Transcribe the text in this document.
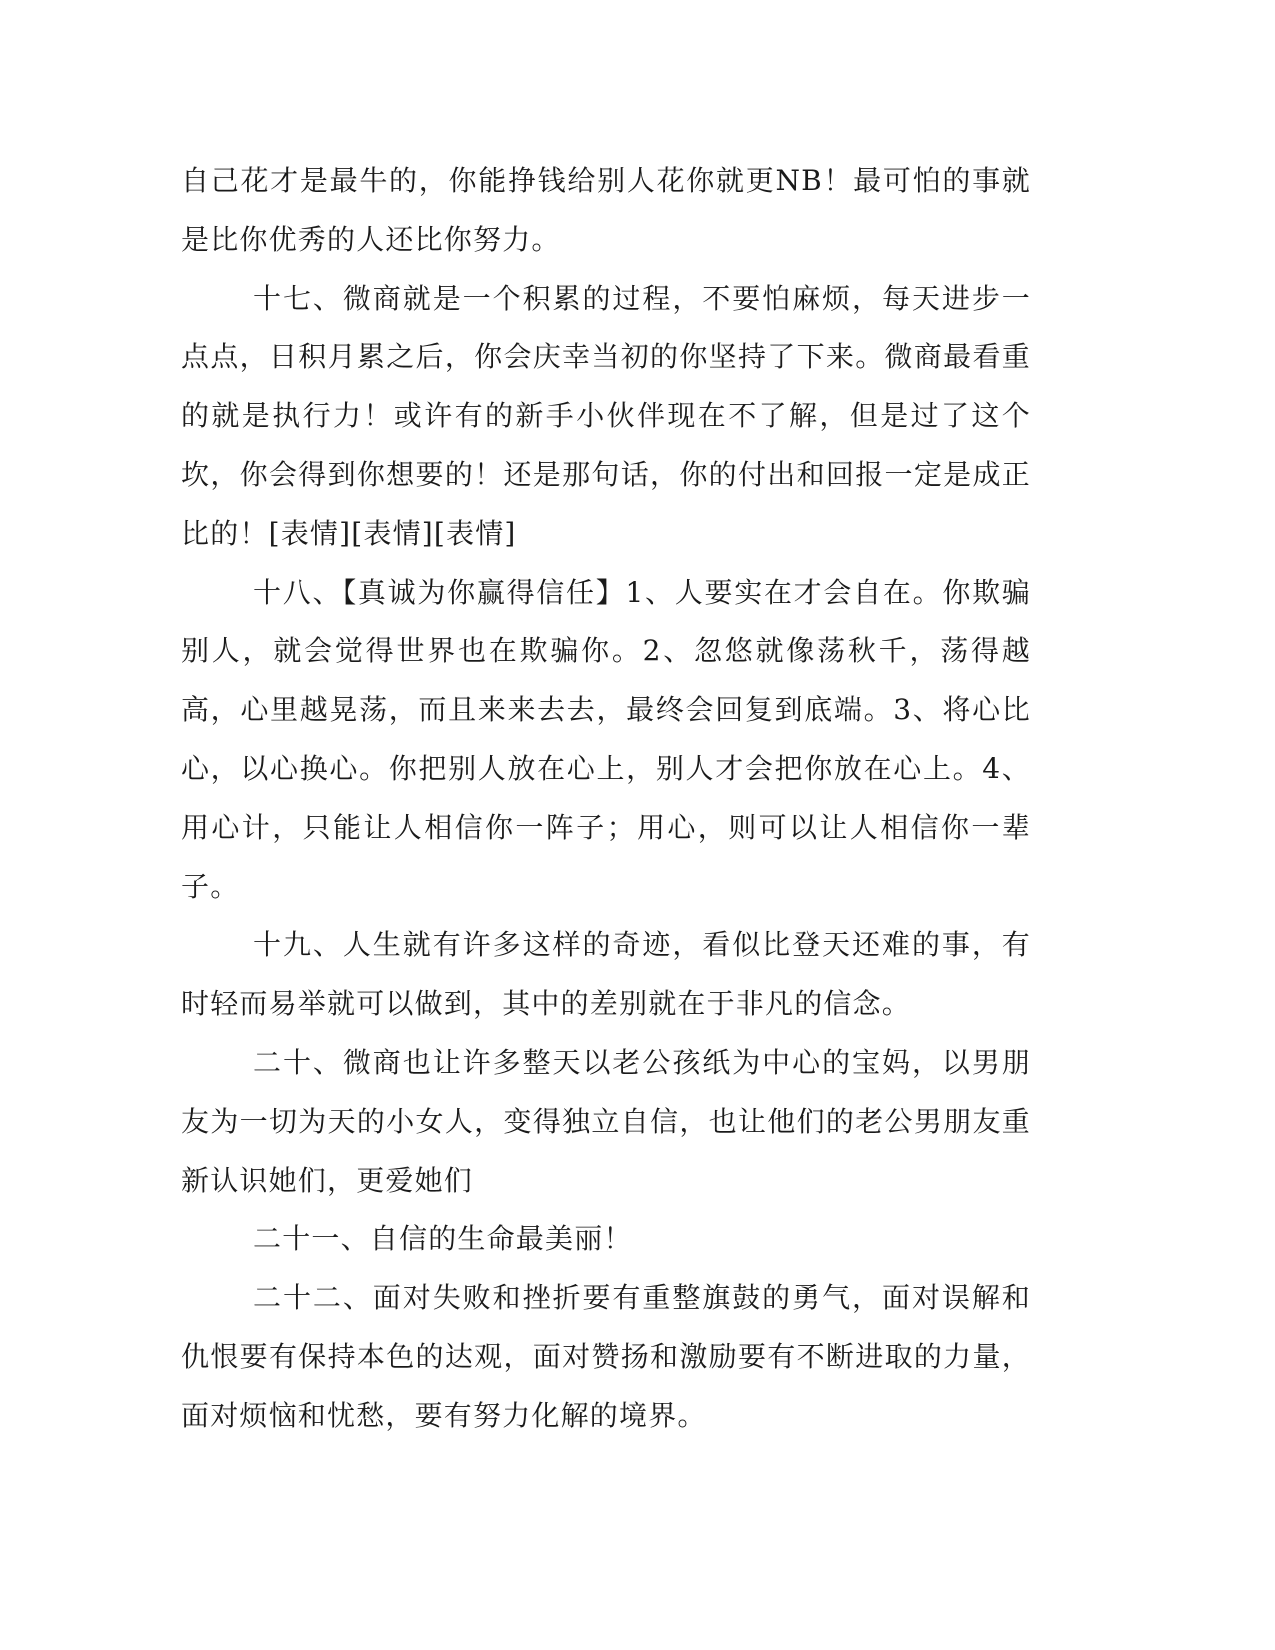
自己花才是最牛的，你能挣钱给别人花你就更NB！最可怕的事就是比你优秀的人还比你努力。

十七、微商就是一个积累的过程，不要怕麻烦，每天进步一点点，日积月累之后，你会庆幸当初的你坚持了下来。微商最看重的就是执行力！或许有的新手小伙伴现在不了解，但是过了这个坎，你会得到你想要的！还是那句话，你的付出和回报一定是成正比的！[表情][表情][表情]

十八、【真诚为你赢得信任】1、人要实在才会自在。你欺骗别人，就会觉得世界也在欺骗你。2、忽悠就像荡秋千，荡得越高，心里越晃荡，而且来来去去，最终会回复到底端。3、将心比心，以心换心。你把别人放在心上，别人才会把你放在心上。4、用心计，只能让人相信你一阵子；用心，则可以让人相信你一辈子。

十九、人生就有许多这样的奇迹，看似比登天还难的事，有时轻而易举就可以做到，其中的差别就在于非凡的信念。

二十、微商也让许多整天以老公孩纸为中心的宝妈，以男朋友为一切为天的小女人，变得独立自信，也让他们的老公男朋友重新认识她们，更爱她们

二十一、自信的生命最美丽！

二十二、面对失败和挫折要有重整旗鼓的勇气，面对误解和仇恨要有保持本色的达观，面对赞扬和激励要有不断进取的力量，面对烦恼和忧愁，要有努力化解的境界。
